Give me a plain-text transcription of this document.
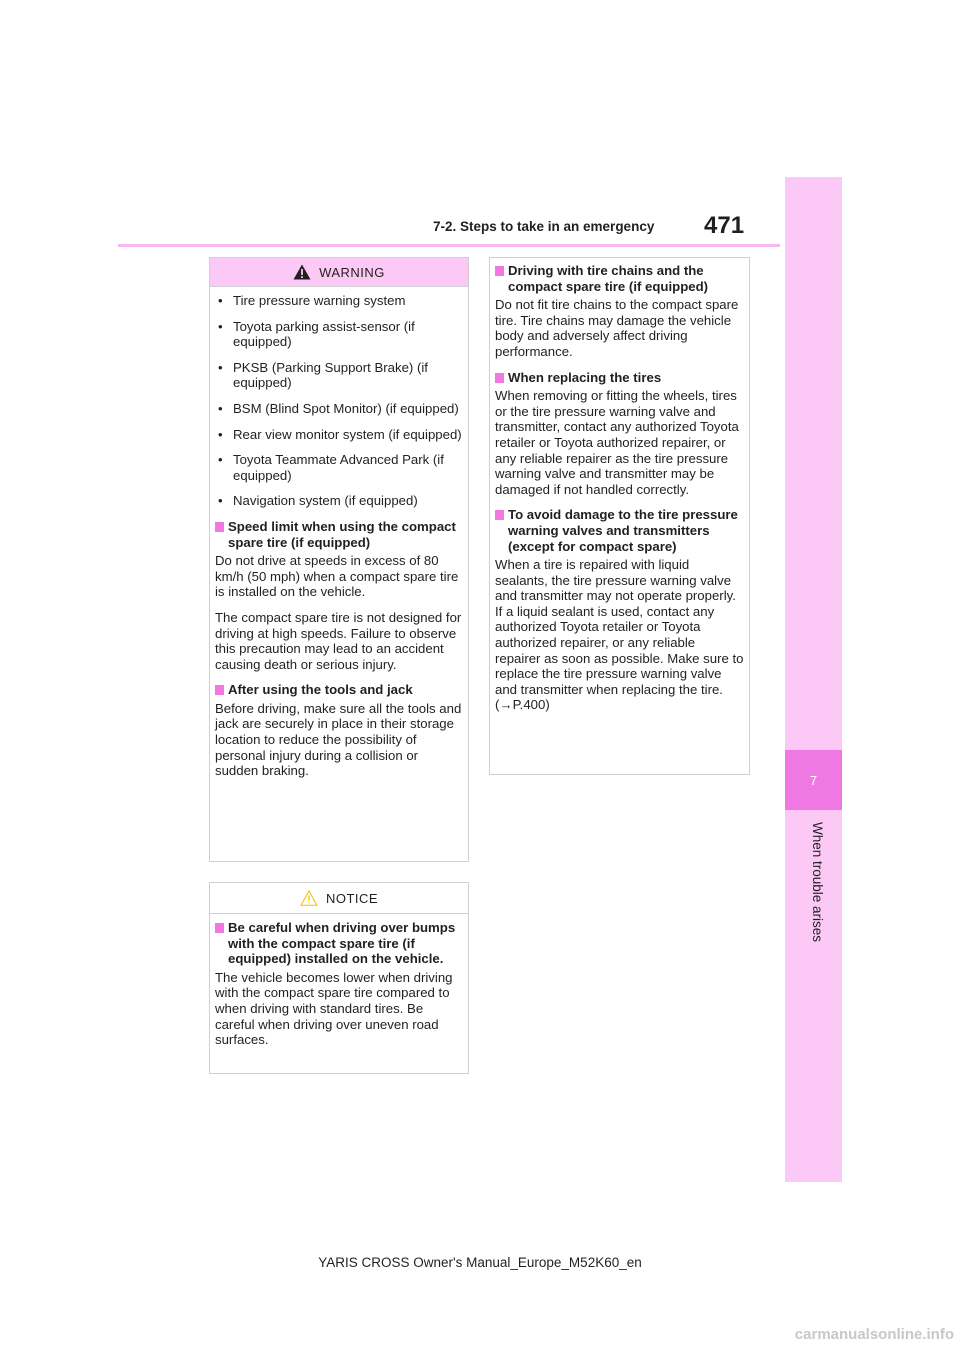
7-2. Steps to take in an emergency 471
7
When trouble arises
WARNING
• Tire pressure warning system
• Toyota parking assist-sensor (if equipped)
• PKSB (Parking Support Brake) (if equipped)
• BSM (Blind Spot Monitor) (if equipped)
• Rear view monitor system (if equipped)
• Toyota Teammate Advanced Park (if equipped)
• Navigation system (if equipped)
Speed limit when using the compact spare tire (if equipped)
Do not drive at speeds in excess of 80 km/h (50 mph) when a compact spare tire is installed on the vehicle.
The compact spare tire is not designed for driving at high speeds. Failure to observe this precaution may lead to an accident causing death or serious injury.
After using the tools and jack
Before driving, make sure all the tools and jack are securely in place in their storage location to reduce the possibility of personal injury during a collision or sudden braking.
NOTICE
Be careful when driving over bumps with the compact spare tire (if equipped) installed on the vehicle.
The vehicle becomes lower when driving with the compact spare tire compared to when driving with standard tires. Be careful when driving over uneven road surfaces.
Driving with tire chains and the compact spare tire (if equipped)
Do not fit tire chains to the compact spare tire. Tire chains may damage the vehicle body and adversely affect driving performance.
When replacing the tires
When removing or fitting the wheels, tires or the tire pressure warning valve and transmitter, contact any authorized Toyota retailer or Toyota authorized repairer, or any reliable repairer as the tire pressure warning valve and transmitter may be damaged if not handled correctly.
To avoid damage to the tire pressure warning valves and transmitters (except for compact spare)
When a tire is repaired with liquid sealants, the tire pressure warning valve and transmitter may not operate properly. If a liquid sealant is used, contact any authorized Toyota retailer or Toyota authorized repairer, or any reliable repairer as soon as possible. Make sure to replace the tire pressure warning valve and transmitter when replacing the tire. (→P.400)
YARIS CROSS Owner's Manual_Europe_M52K60_en
carmanualsonline.info
